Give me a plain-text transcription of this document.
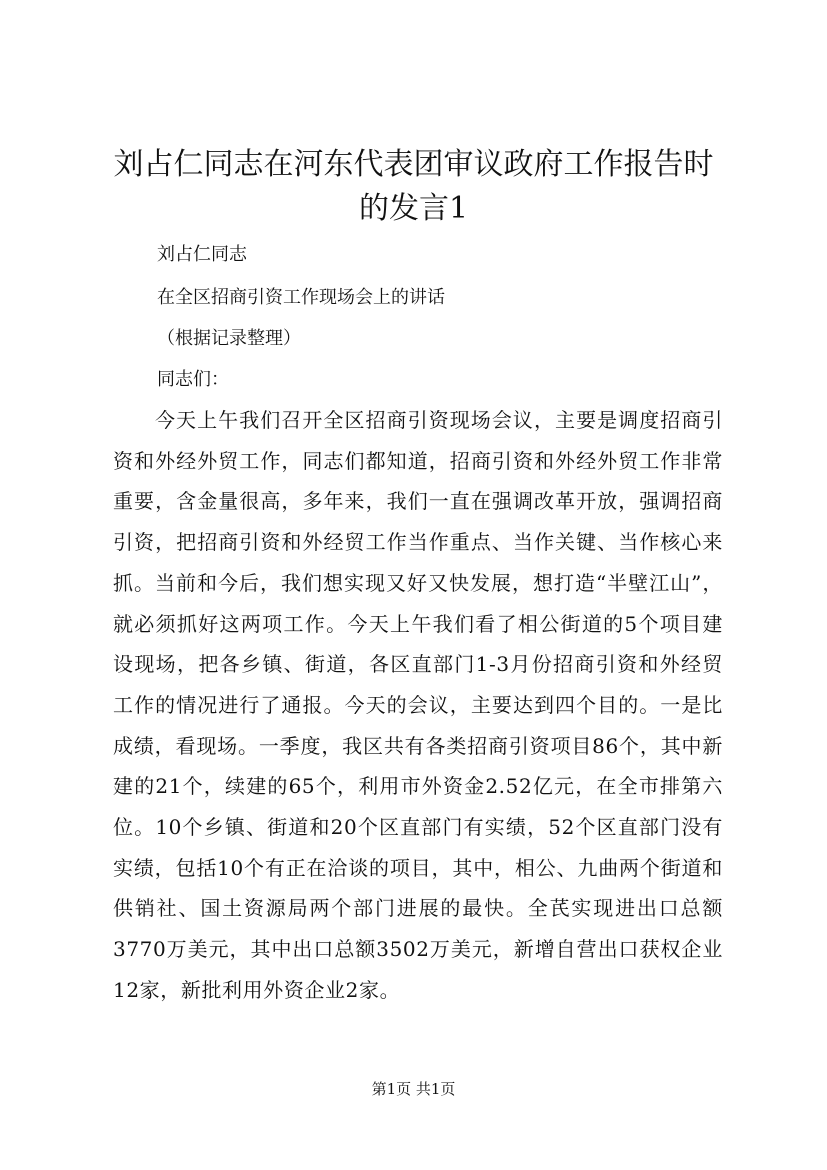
刘占仁同志在河东代表团审议政府工作报告时的发言1

刘占仁同志

在全区招商引资工作现场会上的讲话

（根据记录整理）

同志们：

今天上午我们召开全区招商引资现场会议，主要是调度招商引资和外经外贸工作，同志们都知道，招商引资和外经外贸工作非常重要，含金量很高，多年来，我们一直在强调改革开放，强调招商引资，把招商引资和外经贸工作当作重点、当作关键、当作核心来抓。当前和今后，我们想实现又好又快发展，想打造“半壁江山”，就必须抓好这两项工作。今天上午我们看了相公街道的5个项目建设现场，把各乡镇、街道，各区直部门1-3月份招商引资和外经贸工作的情况进行了通报。今天的会议，主要达到四个目的。一是比成绩，看现场。一季度，我区共有各类招商引资项目86个，其中新建的21个，续建的65个，利用市外资金2.52亿元，在全市排第六位。10个乡镇、街道和20个区直部门有实绩，52个区直部门没有实绩，包括10个有正在洽谈的项目，其中，相公、九曲两个街道和供销社、国土资源局两个部门进展的最快。全芪实现进出口总额3770万美元，其中出口总额3502万美元，新增自营出口获权企业12家，新批利用外资企业2家。

第1页 共1页
